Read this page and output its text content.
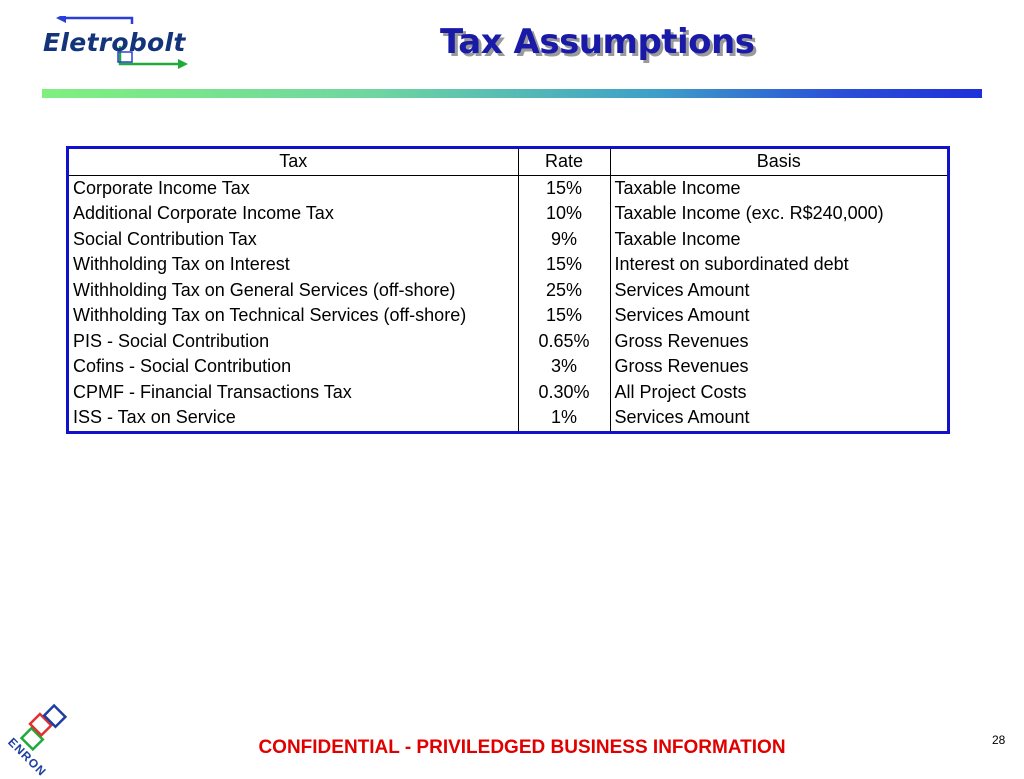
Eletrobolt	Tax Assumptions
Tax	Rate	Basis
Corporate Income Tax	15%	Taxable Income
Additional Corporate Income Tax	10%	Taxable Income (exc. R$240,000)
Social Contribution Tax	9%	Taxable Income
Withholding Tax on Interest	15%	Interest on subordinated debt
Withholding Tax on General Services (off-shore)	25%	Services Amount
Withholding Tax on Technical Services (off-shore)	15%	Services Amount
PIS - Social Contribution	0.65%	Gross Revenues
Cofins - Social Contribution	3%	Gross Revenues
CPMF - Financial Transactions Tax	0.30%	All Project Costs
ISS - Tax on Service	1%	Services Amount
ENRON	CONFIDENTIAL - PRIVILEDGED BUSINESS INFORMATION	28
